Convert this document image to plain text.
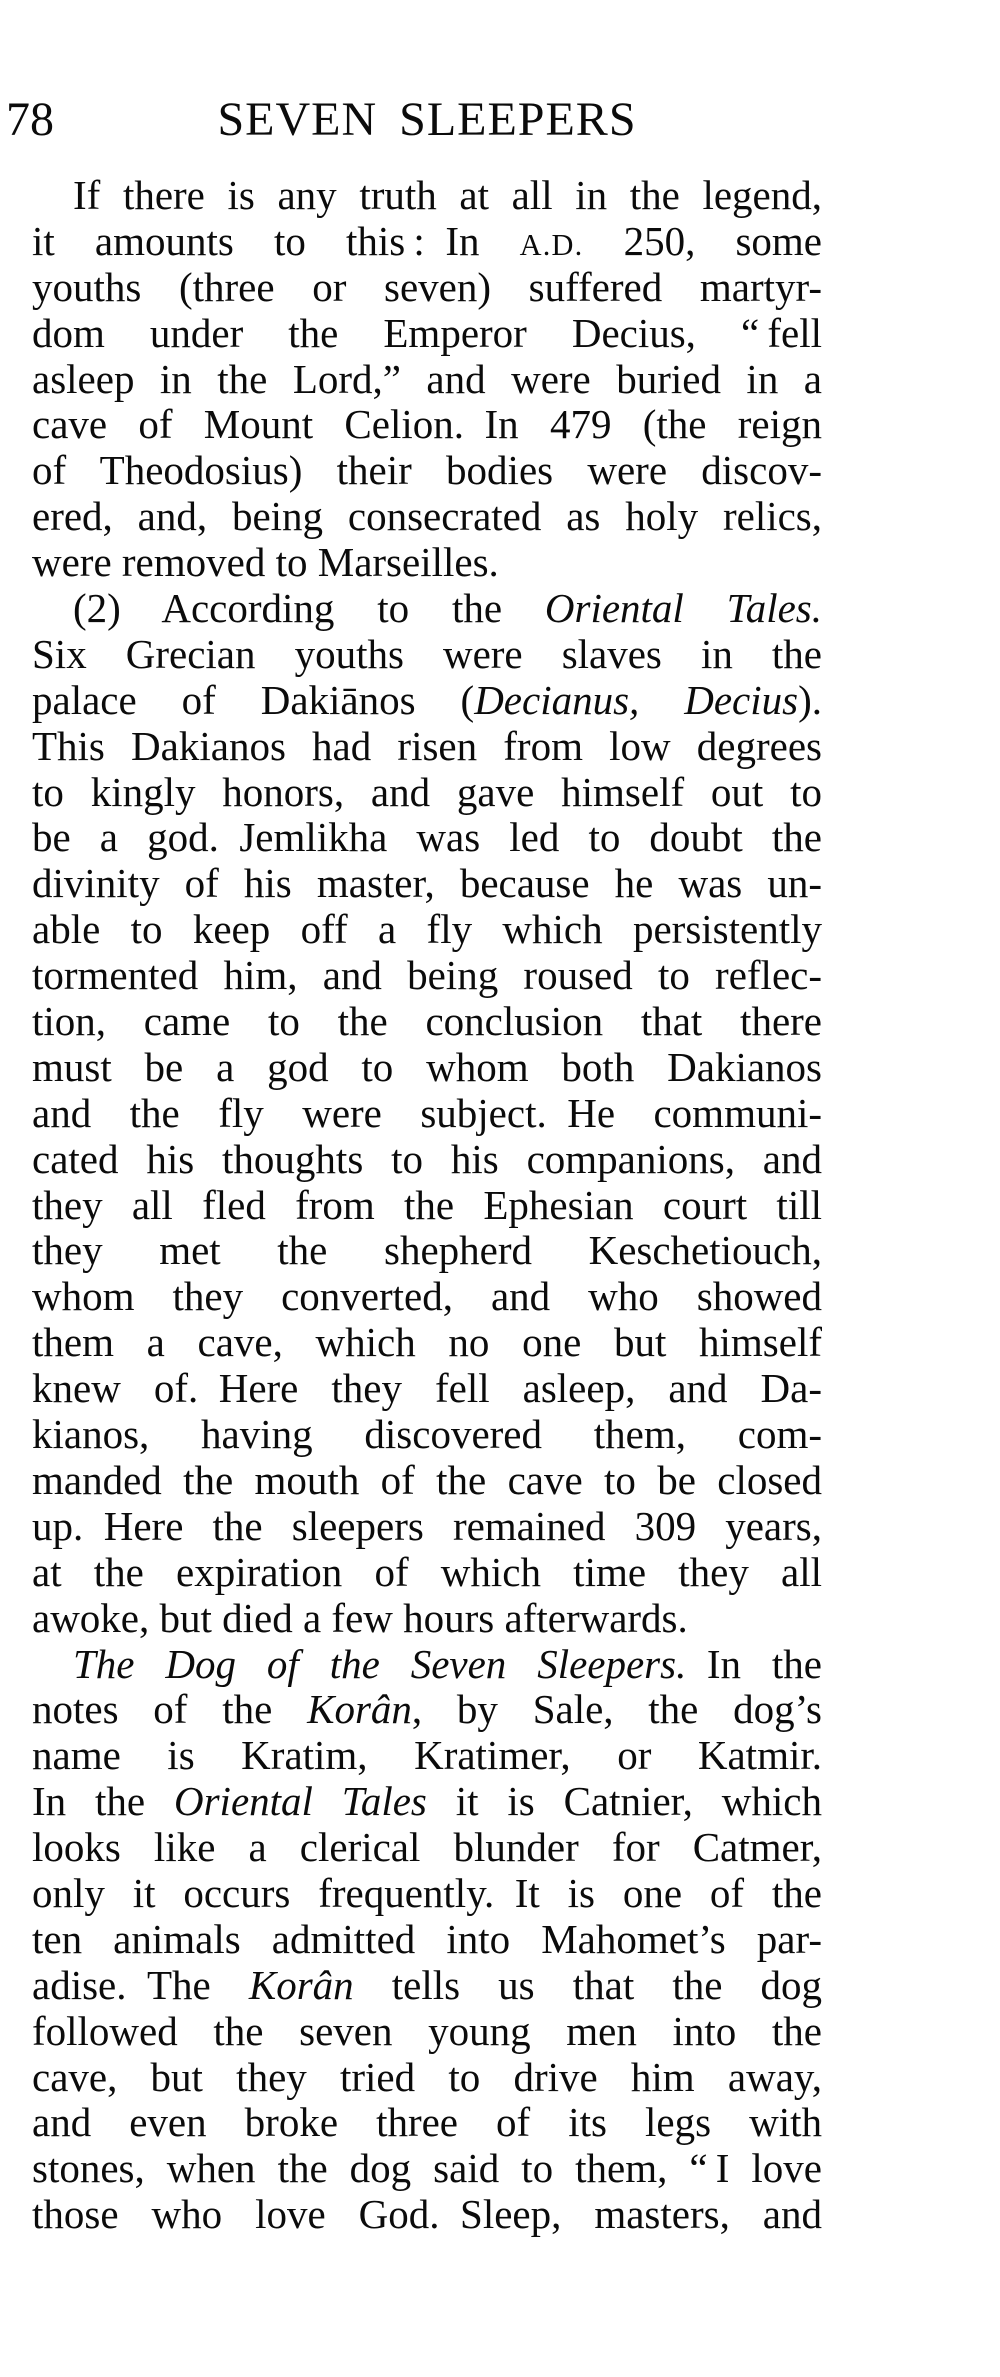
78	SEVEN SLEEPERS
If there is any truth at all in the legend,
it amounts to this : In A.D. 250, some
youths (three or seven) suffered martyr-
dom under the Emperor Decius, “ fell
asleep in the Lord,” and were buried in a
cave of Mount Celion. In 479 (the reign
of Theodosius) their bodies were discov-
ered, and, being consecrated as holy relics,
were removed to Marseilles.
(2) According to the Oriental Tales.
Six Grecian youths were slaves in the
palace of Dakiānos (Decianus, Decius).
This Dakianos had risen from low degrees
to kingly honors, and gave himself out to
be a god. Jemlikha was led to doubt the
divinity of his master, because he was un-
able to keep off a fly which persistently
tormented him, and being roused to reflec-
tion, came to the conclusion that there
must be a god to whom both Dakianos
and the fly were subject. He communi-
cated his thoughts to his companions, and
they all fled from the Ephesian court till
they met the shepherd Keschetiouch,
whom they converted, and who showed
them a cave, which no one but himself
knew of. Here they fell asleep, and Da-
kianos, having discovered them, com-
manded the mouth of the cave to be closed
up. Here the sleepers remained 309 years,
at the expiration of which time they all
awoke, but died a few hours afterwards.
The Dog of the Seven Sleepers. In the
notes of the Korân, by Sale, the dog’s
name is Kratim, Kratimer, or Katmir.
In the Oriental Tales it is Catnier, which
looks like a clerical blunder for Catmer,
only it occurs frequently. It is one of the
ten animals admitted into Mahomet’s par-
adise. The Korân tells us that the dog
followed the seven young men into the
cave, but they tried to drive him away,
and even broke three of its legs with
stones, when the dog said to them, “ I love
those who love God. Sleep, masters, and
